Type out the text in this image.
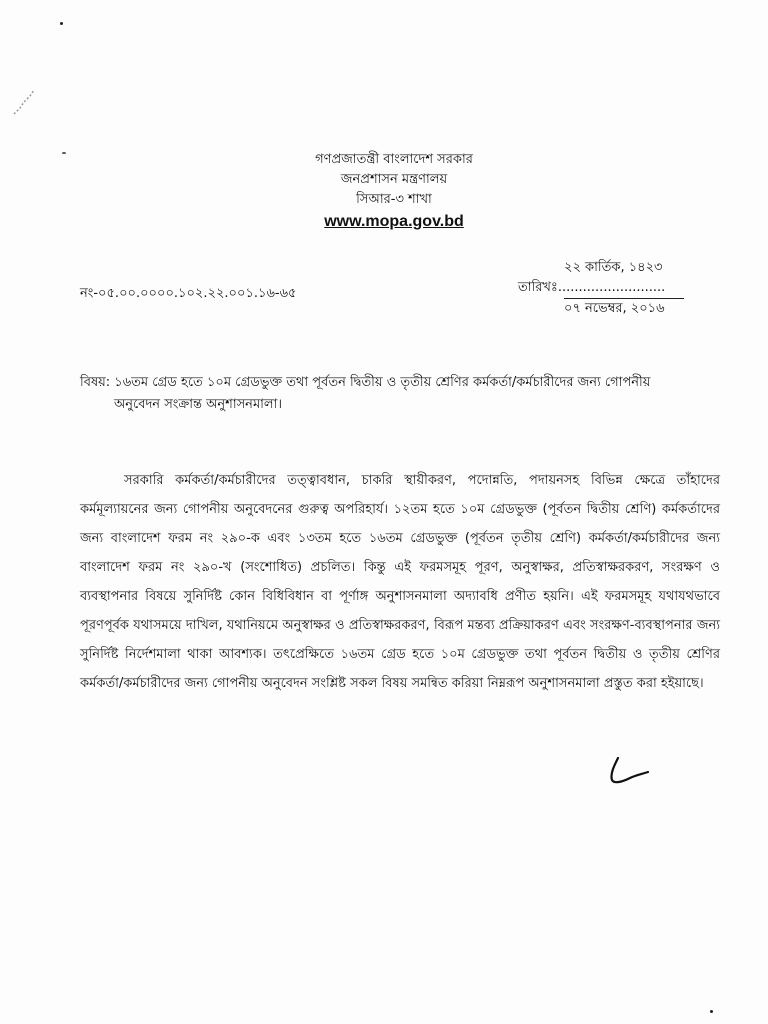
গণপ্রজাতন্ত্রী বাংলাদেশ সরকার
জনপ্রশাসন মন্ত্রণালয়
সিআর-৩ শাখা
www.mopa.gov.bd
২২ কার্তিক, ১৪২৩
তারিখঃ..........................
০৭ নভেম্বর, ২০১৬
নং-০৫.০০.০০০০.১০২.২২.০০১.১৬-৬৫
বিষয়: ১৬তম গ্রেড হতে ১০ম গ্রেডভুক্ত তথা পূর্বতন দ্বিতীয় ও তৃতীয় শ্রেণির কর্মকর্তা/কর্মচারীদের জন্য গোপনীয়
অনুবেদন সংক্রান্ত অনুশাসনমালা।
সরকারি কর্মকর্তা/কর্মচারীদের তত্ত্বাবধান, চাকরি স্থায়ীকরণ, পদোন্নতি, পদায়নসহ বিভিন্ন ক্ষেত্রে তাঁহাদের কর্মমূল্যায়নের জন্য গোপনীয় অনুবেদনের গুরুত্ব অপরিহার্য। ১২তম হতে ১০ম গ্রেডভুক্ত (পূর্বতন দ্বিতীয় শ্রেণি) কর্মকর্তাদের জন্য বাংলাদেশ ফরম নং ২৯০-ক এবং ১৩তম হতে ১৬তম গ্রেডভুক্ত (পূর্বতন তৃতীয় শ্রেণি) কর্মকর্তা/কর্মচারীদের জন্য বাংলাদেশ ফরম নং ২৯০-খ (সংশোধিত) প্রচলিত। কিন্তু এই ফরমসমূহ পূরণ, অনুস্বাক্ষর, প্রতিস্বাক্ষরকরণ, সংরক্ষণ ও ব্যবস্থাপনার বিষয়ে সুনির্দিষ্ট কোন বিধিবিধান বা পূর্ণাঙ্গ অনুশাসনমালা অদ্যাবধি প্রণীত হয়নি। এই ফরমসমূহ যথাযথভাবে পূরণপূর্বক যথাসময়ে দাখিল, যথানিয়মে অনুস্বাক্ষর ও প্রতিস্বাক্ষরকরণ, বিরূপ মন্তব্য প্রক্রিয়াকরণ এবং সংরক্ষণ-ব্যবস্থাপনার জন্য সুনির্দিষ্ট নির্দেশমালা থাকা আবশ্যক। তৎপ্রেক্ষিতে ১৬তম গ্রেড হতে ১০ম গ্রেডভুক্ত তথা পূর্বতন দ্বিতীয় ও তৃতীয় শ্রেণির কর্মকর্তা/কর্মচারীদের জন্য গোপনীয় অনুবেদন সংশ্লিষ্ট সকল বিষয় সমন্বিত করিয়া নিম্নরূপ অনুশাসনমালা প্রস্তুত করা হইয়াছে।
